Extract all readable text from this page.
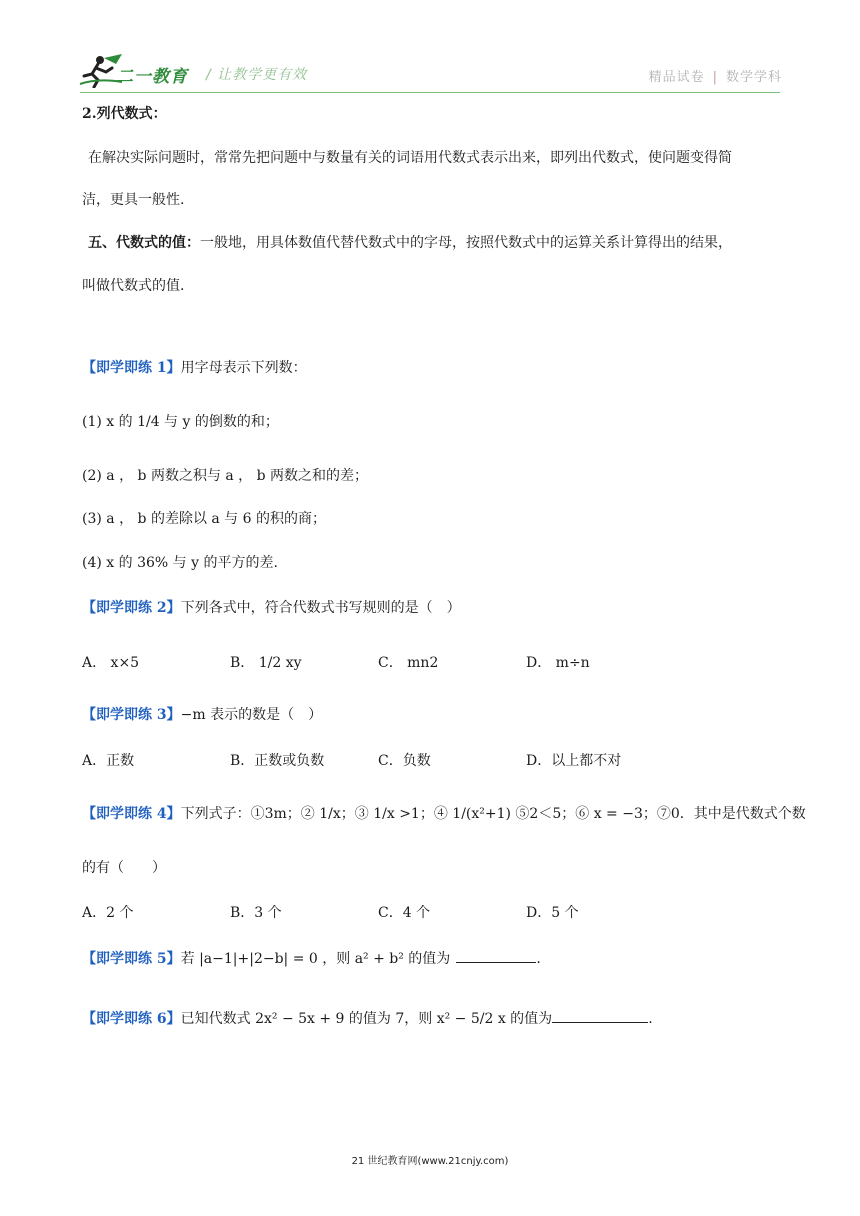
二一教育 / 让教学更有效	精品试卷 | 数学学科
2.列代数式：
在解决实际问题时，常常先把问题中与数量有关的词语用代数式表示出来，即列出代数式，使问题变得简
洁，更具一般性.
五、代数式的值：一般地，用具体数值代替代数式中的字母，按照代数式中的运算关系计算得出的结果，
叫做代数式的值.
【即学即练 1】用字母表示下列数：
(1) x 的 1/4 与 y 的倒数的和；
(2) a ， b 两数之积与 a ， b 两数之和的差；
(3) a ， b 的差除以 a 与 6 的积的商；
(4) x 的 36% 与 y 的平方的差.
【即学即练 2】下列各式中，符合代数式书写规则的是（　）
A． x×5	B． 1/2 xy	C． mn2	D． m÷n
【即学即练 3】−m 表示的数是（　）
A．正数	B．正数或负数	C．负数	D．以上都不对
【即学即练 4】下列式子：①3m；② 1/x；③ 1/x >1；④ 1/(x²+1) ⑤2＜5；⑥ x = −3；⑦0．其中是代数式个数
的有（　　）
A．2 个	B．3 个	C．4 个	D．5 个
【即学即练 5】若 |a−1|+|2−b| = 0 ，则 a² + b² 的值为	.
【即学即练 6】已知代数式 2x² − 5x + 9 的值为 7，则 x² − 5/2 x 的值为	.
21 世纪教育网(www.21cnjy.com)
